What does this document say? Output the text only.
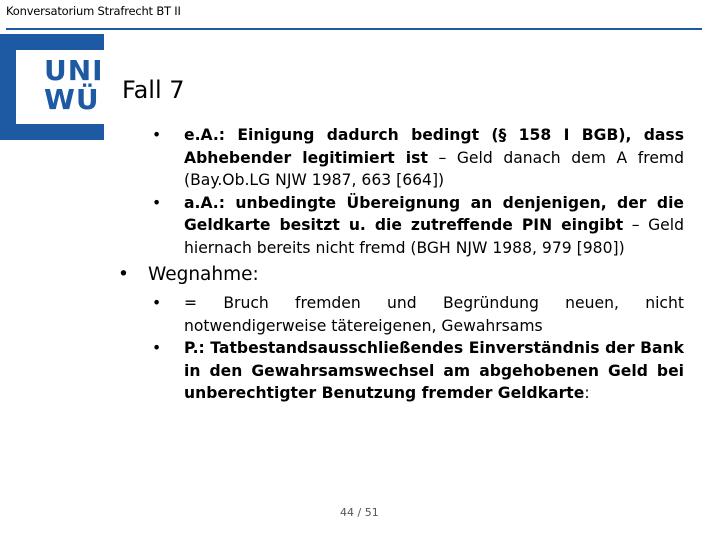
Konversatorium Strafrecht BT II
UNI WÜ Fall 7
• e.A.: Einigung dadurch bedingt (§ 158 I BGB), dass Abhebender legitimiert ist – Geld danach dem A fremd (Bay.Ob.LG NJW 1987, 663 [664])
• a.A.: unbedingte Übereignung an denjenigen, der die Geldkarte besitzt u. die zutreffende PIN eingibt – Geld hiernach bereits nicht fremd (BGH NJW 1988, 979 [980])
• Wegnahme:
• = Bruch fremden und Begründung neuen, nicht notwendigerweise tätereigenen, Gewahrsams
• P.: Tatbestandsausschließendes Einverständnis der Bank in den Gewahrsamswechsel am abgehobenen Geld bei unberechtigter Benutzung fremder Geldkarte:
44 / 51
